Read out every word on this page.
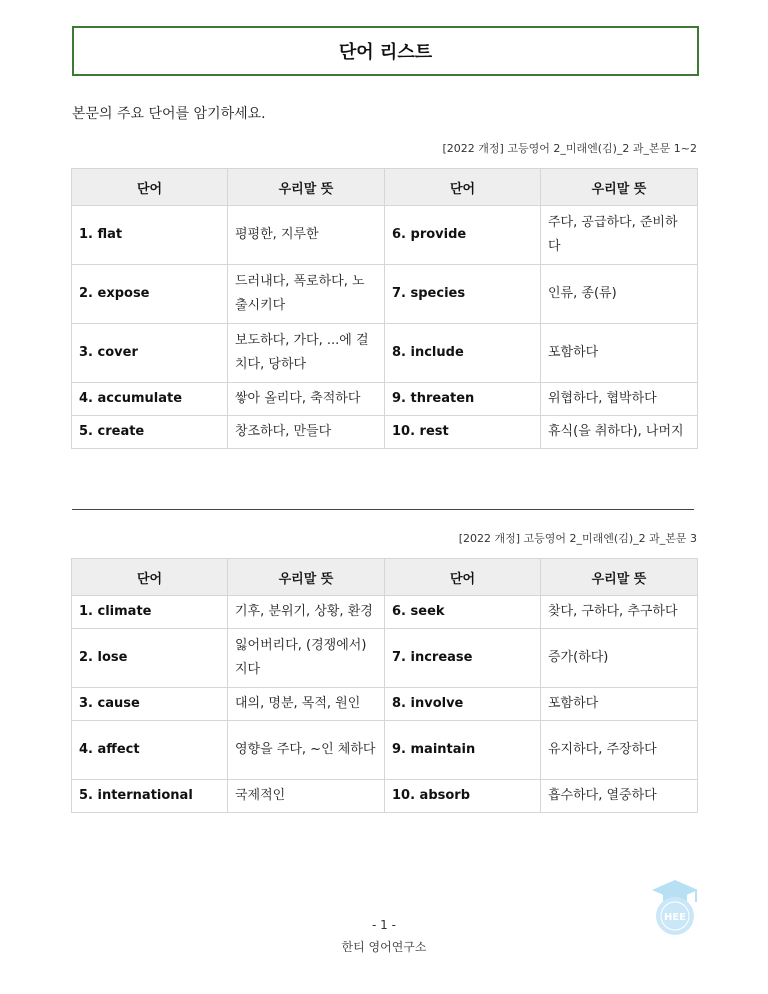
단어 리스트
본문의 주요 단어를 암기하세요.
[2022 개정] 고등영어 2_미래엔(김)_2 과_본문 1~2
단어	우리말 뜻	단어	우리말 뜻
1. flat	평평한, 지루한	6. provide	주다, 공급하다, 준비하다
2. expose	드러내다, 폭로하다, 노출시키다	7. species	인류, 종(류)
3. cover	보도하다, 가다, ...에 걸치다, 당하다	8. include	포함하다
4. accumulate	쌓아 올리다, 축적하다	9. threaten	위협하다, 협박하다
5. create	창조하다, 만들다	10. rest	휴식(을 취하다), 나머지
[2022 개정] 고등영어 2_미래엔(김)_2 과_본문 3
단어	우리말 뜻	단어	우리말 뜻
1. climate	기후, 분위기, 상황, 환경	6. seek	찾다, 구하다, 추구하다
2. lose	잃어버리다, (경쟁에서) 지다	7. increase	증가(하다)
3. cause	대의, 명분, 목적, 원인	8. involve	포함하다
4. affect	영향을 주다, ~인 체하다	9. maintain	유지하다, 주장하다
5. international	국제적인	10. absorb	흡수하다, 열중하다
- 1 -
한티 영어연구소
HEE
